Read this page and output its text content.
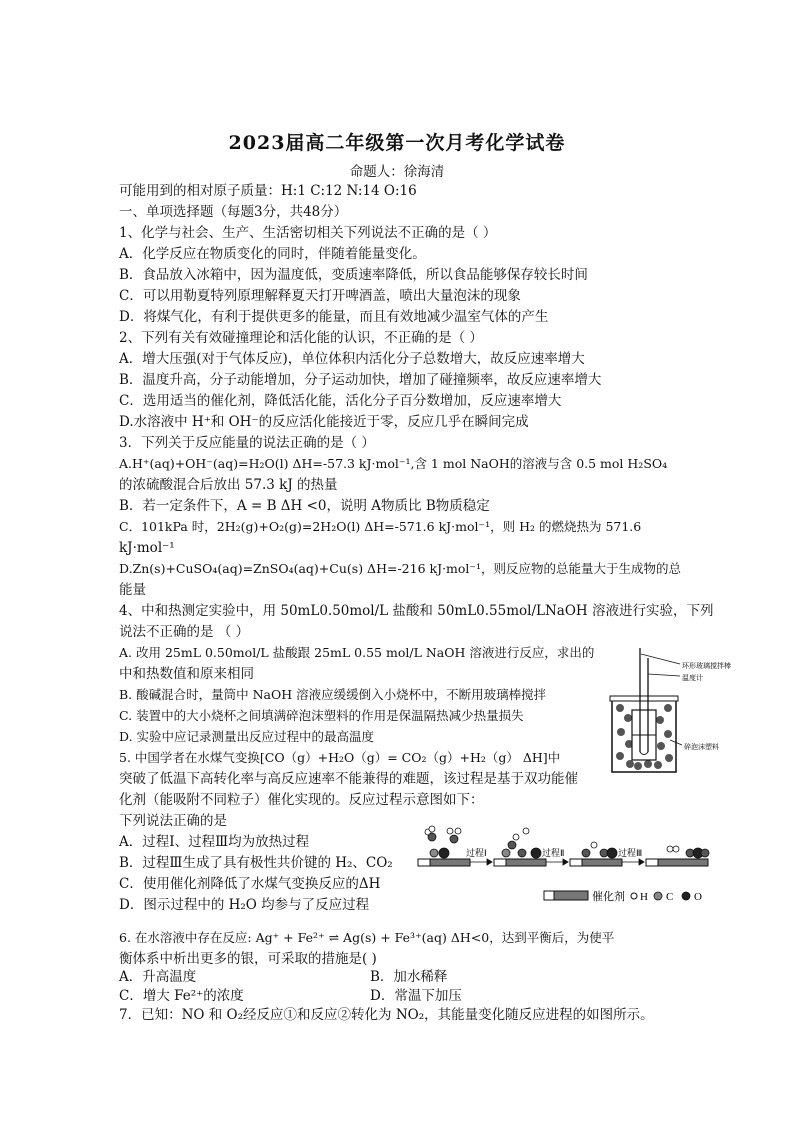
2023届高二年级第一次月考化学试卷
命题人：徐海清
可能用到的相对原子质量：H:1 C:12 N:14 O:16
一、单项选择题（每题3分，共48分）
1、化学与社会、生产、生活密切相关下列说法不正确的是（ ）
A．化学反应在物质变化的同时，伴随着能量变化。
B．食品放入冰箱中，因为温度低，变质速率降低，所以食品能够保存较长时间
C．可以用勒夏特列原理解释夏天打开啤酒盖，喷出大量泡沫的现象
D．将煤气化，有利于提供更多的能量，而且有效地减少温室气体的产生
2、下列有关有效碰撞理论和活化能的认识，不正确的是（ ）
A．增大压强(对于气体反应)，单位体积内活化分子总数增大，故反应速率增大
B．温度升高，分子动能增加，分子运动加快，增加了碰撞频率，故反应速率增大
C．选用适当的催化剂，降低活化能，活化分子百分数增加，反应速率增大
D.水溶液中 H⁺和 OH⁻的反应活化能接近于零，反应几乎在瞬间完成
3．下列关于反应能量的说法正确的是（ ）
A.H⁺(aq)+OH⁻(aq)=H₂O(l) ΔH=-57.3 kJ·mol⁻¹,含 1 mol NaOH的溶液与含 0.5 mol H₂SO₄
的浓硫酸混合后放出 57.3 kJ 的热量
B．若一定条件下，A = B ΔH <0，说明 A物质比 B物质稳定
C．101kPa 时，2H₂(g)+O₂(g)=2H₂O(l) ΔH=-571.6 kJ·mol⁻¹，则 H₂ 的燃烧热为 571.6
kJ·mol⁻¹
D.Zn(s)+CuSO₄(aq)=ZnSO₄(aq)+Cu(s) ΔH=-216 kJ·mol⁻¹，则反应物的总能量大于生成物的总
能量
4、中和热测定实验中，用 50mL0.50mol/L 盐酸和 50mL0.55mol/LNaOH 溶液进行实验，下列
说法不正确的是 （ ）
A. 改用 25mL 0.50mol/L 盐酸跟 25mL 0.55 mol/L NaOH 溶液进行反应，求出的
中和热数值和原来相同
B. 酸碱混合时，量筒中 NaOH 溶液应缓缓倒入小烧杯中，不断用玻璃棒搅拌
C. 装置中的大小烧杯之间填满碎泡沫塑料的作用是保温隔热减少热量损失
D. 实验中应记录测量出反应过程中的最高温度
环形玻璃搅拌棒
温度计
碎泡沫塑料
5. 中国学者在水煤气变换[CO（g）+H₂O（g）= CO₂（g）+H₂（g） ΔH]中
突破了低温下高转化率与高反应速率不能兼得的难题，该过程是基于双功能催
化剂（能吸附不同粒子）催化实现的。反应过程示意图如下：
下列说法正确的是
A．过程Ⅰ、过程Ⅲ均为放热过程
B．过程Ⅲ生成了具有极性共价键的 H₂、CO₂
C．使用催化剂降低了水煤气变换反应的ΔH
D．图示过程中的 H₂O 均参与了反应过程
过程Ⅰ	过程Ⅱ	过程Ⅲ
催化剂 H C O
6. 在水溶液中存在反应: Ag⁺ + Fe²⁺ ⇌ Ag(s) + Fe³⁺(aq) ΔH<0，达到平衡后，为使平
衡体系中析出更多的银，可采取的措施是( )
A．升高温度	B．加水稀释
C．增大 Fe²⁺的浓度	D．常温下加压
7．已知：NO 和 O₂经反应①和反应②转化为 NO₂，其能量变化随反应进程的如图所示。
